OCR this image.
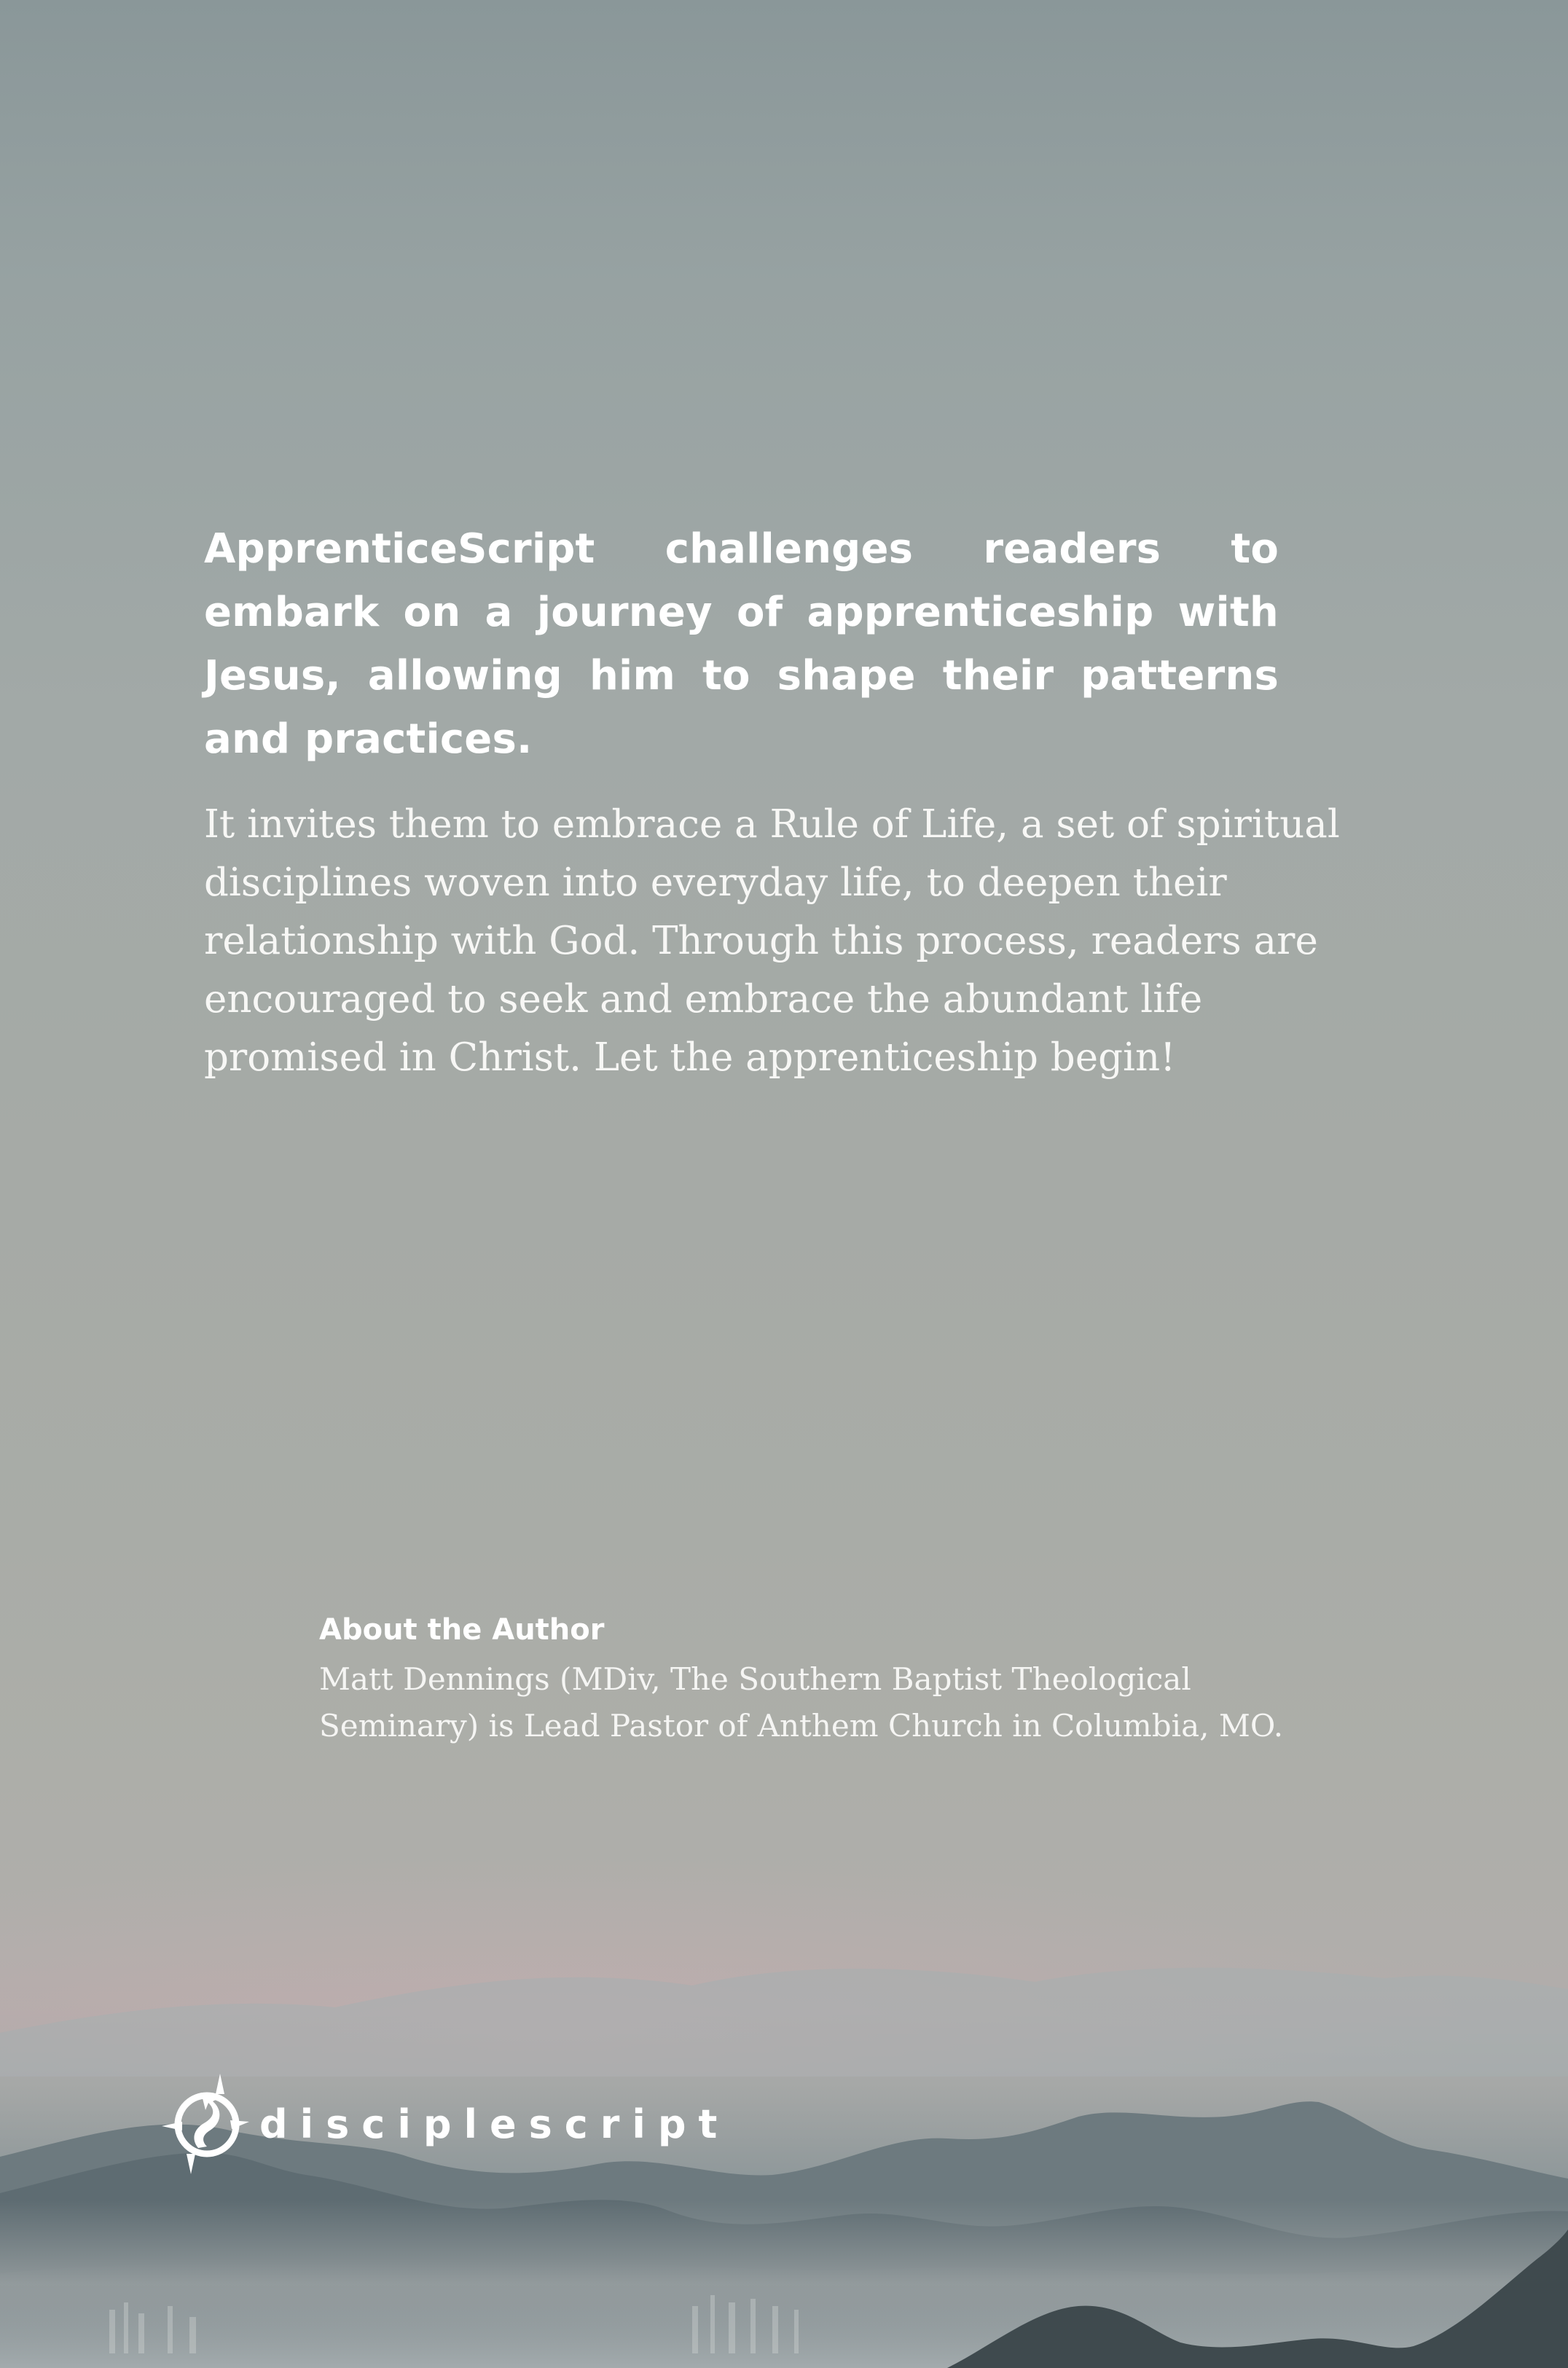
ApprenticeScript challenges readers to embark on a journey of apprenticeship with Jesus, allowing him to shape their patterns and practices.

It invites them to embrace a Rule of Life, a set of spiritual disciplines woven into everyday life, to deepen their relationship with God. Through this process, readers are encouraged to seek and embrace the abundant life promised in Christ. Let the apprenticeship begin!

About the Author

Matt Dennings (MDiv, The Southern Baptist Theological Seminary) is Lead Pastor of Anthem Church in Columbia, MO.

disciplescript
